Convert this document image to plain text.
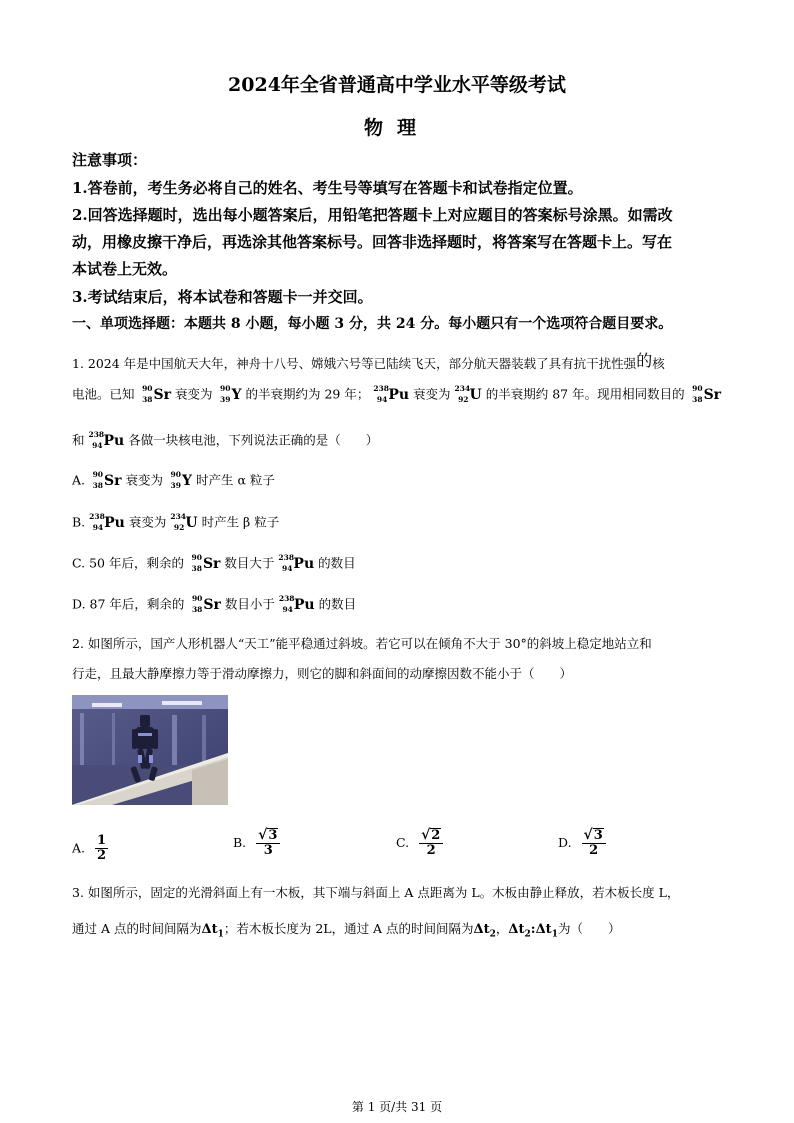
2024年全省普通高中学业水平等级考试
物理
注意事项：
1.答卷前，考生务必将自己的姓名、考生号等填写在答题卡和试卷指定位置。
2.回答选择题时，选出每小题答案后，用铅笔把答题卡上对应题目的答案标号涂黑。如需改
动，用橡皮擦干净后，再选涂其他答案标号。回答非选择题时，将答案写在答题卡上。写在
本试卷上无效。
3.考试结束后，将本试卷和答题卡一并交回。
一、单项选择题：本题共 8 小题，每小题 3 分，共 24 分。每小题只有一个选项符合题目要求。
1. 2024 年是中国航天大年，神舟十八号、嫦娥六号等已陆续飞天，部分航天器装载了具有抗干扰性强的核
电池。已知	90
38 Sr 衰变为	90
39 Y 的半衰期约为 29 年； 238
94 Pu 衰变为 234
92 U 的半衰期约 87 年。现用相同数目的	90
38 Sr
和 238
94 Pu 各做一块核电池，下列说法正确的是（　　）
A.	90
38 Sr 衰变为	90
39 Y 时产生 α 粒子
B. 238
94 Pu 衰变为 234
92 U 时产生 β 粒子
C. 50 年后，剩余的	90
38 Sr 数目大于 238
94 Pu 的数目
D. 87 年后，剩余的	90
38 Sr 数目小于 238
94 Pu 的数目
2. 如图所示，国产人形机器人“天工”能平稳通过斜坡。若它可以在倾角不大于 30°的斜坡上稳定地站立和
行走，且最大静摩擦力等于滑动摩擦力，则它的脚和斜面间的动摩擦因数不能小于（　　）
A. $\frac{1}{2}$	B. $\frac{√ 3}{3}$	C. $\frac{√ 2}{2}$	D. $\frac{√ 3}{2}$
3. 如图所示，固定的光滑斜面上有一木板，其下端与斜面上 A 点距离为 L。木板由静止释放，若木板长度 L，
通过 A 点的时间间隔为$\Delta t_1$；若木板长度为 2L，通过 A 点的时间间隔为$\Delta t_2$，$\Delta t_2:\Delta t_1$为（　　）
第 1 页/共 31 页
